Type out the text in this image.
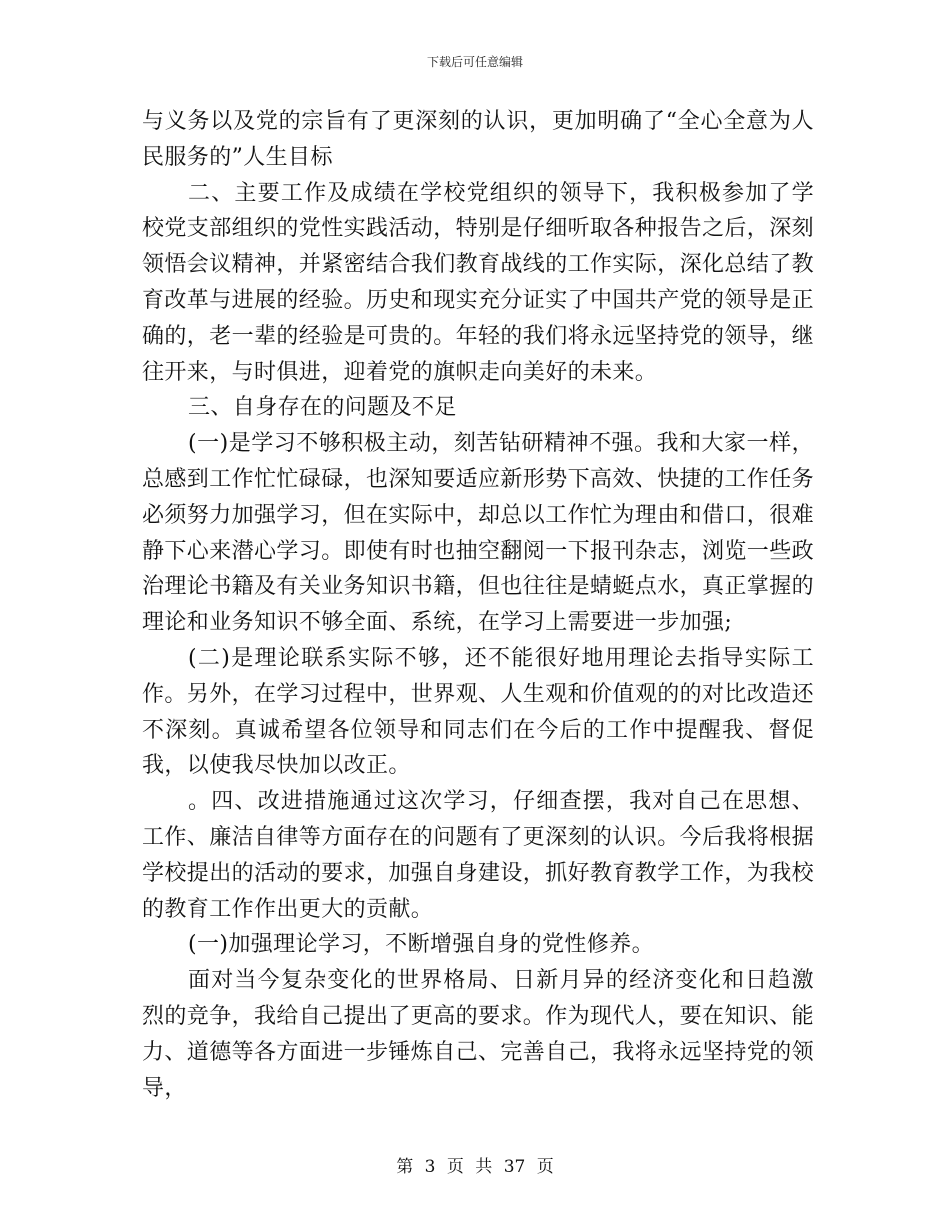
下载后可任意编辑

与义务以及党的宗旨有了更深刻的认识，更加明确了“全心全意为人民服务的”人生目标

二、主要工作及成绩在学校党组织的领导下，我积极参加了学校党支部组织的党性实践活动，特别是仔细听取各种报告之后，深刻领悟会议精神，并紧密结合我们教育战线的工作实际，深化总结了教育改革与进展的经验。历史和现实充分证实了中国共产党的领导是正确的，老一辈的经验是可贵的。年轻的我们将永远坚持党的领导，继往开来，与时俱进，迎着党的旗帜走向美好的未来。

三、自身存在的问题及不足

(一)是学习不够积极主动，刻苦钻研精神不强。我和大家一样，总感到工作忙忙碌碌，也深知要适应新形势下高效、快捷的工作任务必须努力加强学习，但在实际中，却总以工作忙为理由和借口，很难静下心来潜心学习。即使有时也抽空翻阅一下报刊杂志，浏览一些政治理论书籍及有关业务知识书籍，但也往往是蜻蜓点水，真正掌握的理论和业务知识不够全面、系统，在学习上需要进一步加强;

(二)是理论联系实际不够，还不能很好地用理论去指导实际工作。另外，在学习过程中，世界观、人生观和价值观的的对比改造还不深刻。真诚希望各位领导和同志们在今后的工作中提醒我、督促我，以使我尽快加以改正。

。四、改进措施通过这次学习，仔细查摆，我对自己在思想、工作、廉洁自律等方面存在的问题有了更深刻的认识。今后我将根据学校提出的活动的要求，加强自身建设，抓好教育教学工作，为我校的教育工作作出更大的贡献。

(一)加强理论学习，不断增强自身的党性修养。

面对当今复杂变化的世界格局、日新月异的经济变化和日趋激烈的竞争，我给自己提出了更高的要求。作为现代人，要在知识、能力、道德等各方面进一步锤炼自己、完善自己，我将永远坚持党的领导，

第 3 页 共 37 页
